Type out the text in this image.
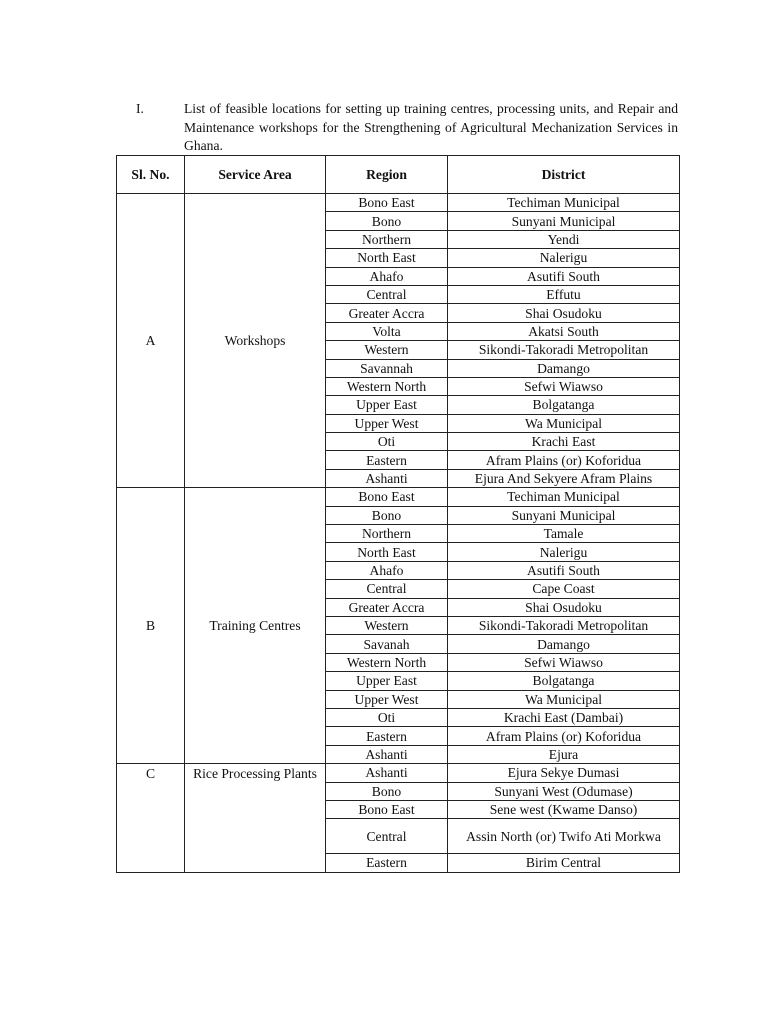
I.	List of feasible locations for setting up training centres, processing units, and Repair and Maintenance workshops for the Strengthening of Agricultural Mechanization Services in Ghana.
Sl. No.	Service Area	Region	District
A	Workshops	Bono East	Techiman Municipal
		Bono	Sunyani Municipal
		Northern	Yendi
		North East	Nalerigu
		Ahafo	Asutifi South
		Central	Effutu
		Greater Accra	Shai Osudoku
		Volta	Akatsi South
		Western	Sikondi-Takoradi Metropolitan
		Savannah	Damango
		Western North	Sefwi Wiawso
		Upper East	Bolgatanga
		Upper West	Wa Municipal
		Oti	Krachi East
		Eastern	Afram Plains (or) Koforidua
		Ashanti	Ejura And Sekyere Afram Plains
B	Training Centres	Bono East	Techiman Municipal
		Bono	Sunyani Municipal
		Northern	Tamale
		North East	Nalerigu
		Ahafo	Asutifi South
		Central	Cape Coast
		Greater Accra	Shai Osudoku
		Western	Sikondi-Takoradi Metropolitan
		Savanah	Damango
		Western North	Sefwi Wiawso
		Upper East	Bolgatanga
		Upper West	Wa Municipal
		Oti	Krachi East (Dambai)
		Eastern	Afram Plains (or) Koforidua
		Ashanti	Ejura
C	Rice Processing Plants	Ashanti	Ejura Sekye Dumasi
		Bono	Sunyani West (Odumase)
		Bono East	Sene west (Kwame Danso)
		Central	Assin North (or) Twifo Ati Morkwa
		Eastern	Birim Central
